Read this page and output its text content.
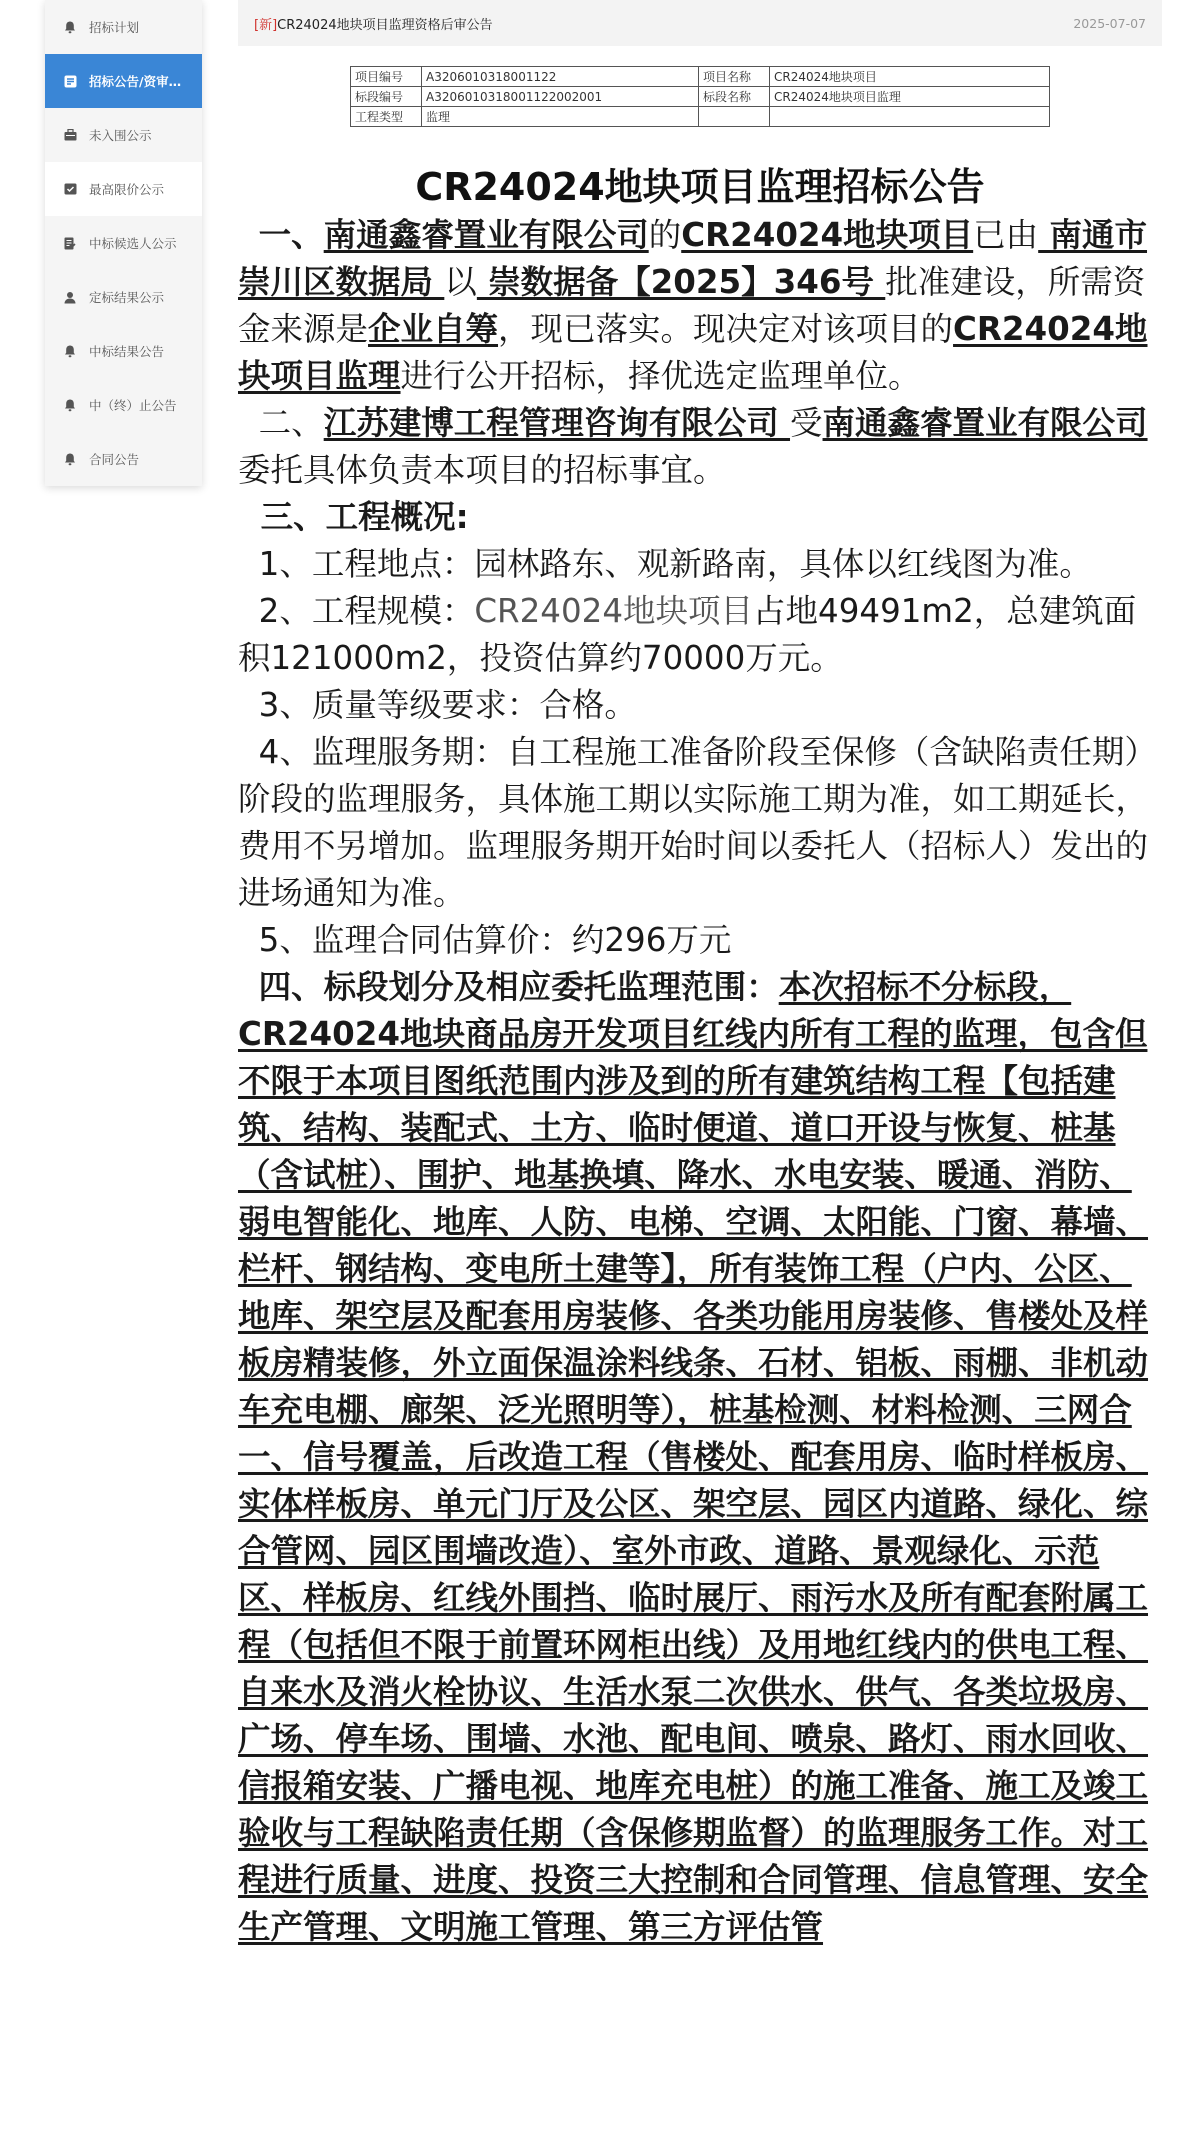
招标计划
招标公告/资审…
未入围公示
最高限价公示
中标候选人公示
定标结果公示
中标结果公告
中（终）止公告
合同公告
[新]CR24024地块项目监理资格后审公告	2025-07-07
项目编号	A3206010318001122	项目名称	CR24024地块项目
标段编号	A3206010318001122002001	标段名称	CR24024地块项目监理
工程类型	监理		
CR24024地块项目监理招标公告

一、南通鑫睿置业有限公司的CR24024地块项目已由 南通市崇川区数据局 以 崇数据备【2025】346号 批准建设，所需资金来源是企业自筹，现已落实。现决定对该项目的CR24024地块项目监理进行公开招标，择优选定监理单位。

二、江苏建博工程管理咨询有限公司 受南通鑫睿置业有限公司委托具体负责本项目的招标事宜。

三、工程概况:

1、工程地点：园林路东、观新路南，具体以红线图为准。

2、工程规模：CR24024地块项目占地49491m2，总建筑面积121000m2，投资估算约70000万元。

3、质量等级要求：合格。

4、监理服务期：自工程施工准备阶段至保修（含缺陷责任期）阶段的监理服务，具体施工期以实际施工期为准，如工期延长，费用不另增加。监理服务期开始时间以委托人（招标人）发出的进场通知为准。

5、监理合同估算价：约296万元

四、标段划分及相应委托监理范围：本次招标不分标段，CR24024地块商品房开发项目红线内所有工程的监理，包含但不限于本项目图纸范围内涉及到的所有建筑结构工程【包括建筑、结构、装配式、土方、临时便道、道口开设与恢复、桩基（含试桩）、围护、地基换填、降水、水电安装、暖通、消防、弱电智能化、地库、人防、电梯、空调、太阳能、门窗、幕墙、栏杆、钢结构、变电所土建等】，所有装饰工程（户内、公区、地库、架空层及配套用房装修、各类功能用房装修、售楼处及样板房精装修，外立面保温涂料线条、石材、铝板、雨棚、非机动车充电棚、廊架、泛光照明等），桩基检测、材料检测、三网合一、信号覆盖，后改造工程（售楼处、配套用房、临时样板房、实体样板房、单元门厅及公区、架空层、园区内道路、绿化、综合管网、园区围墙改造）、室外市政、道路、景观绿化、示范区、样板房、红线外围挡、临时展厅、雨污水及所有配套附属工程（包括但不限于前置环网柜出线）及用地红线内的供电工程、自来水及消火栓协议、生活水泵二次供水、供气、各类垃圾房、广场、停车场、围墙、水池、配电间、喷泉、路灯、雨水回收、信报箱安装、广播电视、地库充电桩）的施工准备、施工及竣工验收与工程缺陷责任期（含保修期监督）的监理服务工作。对工程进行质量、进度、投资三大控制和合同管理、信息管理、安全生产管理、文明施工管理、第三方评估管
